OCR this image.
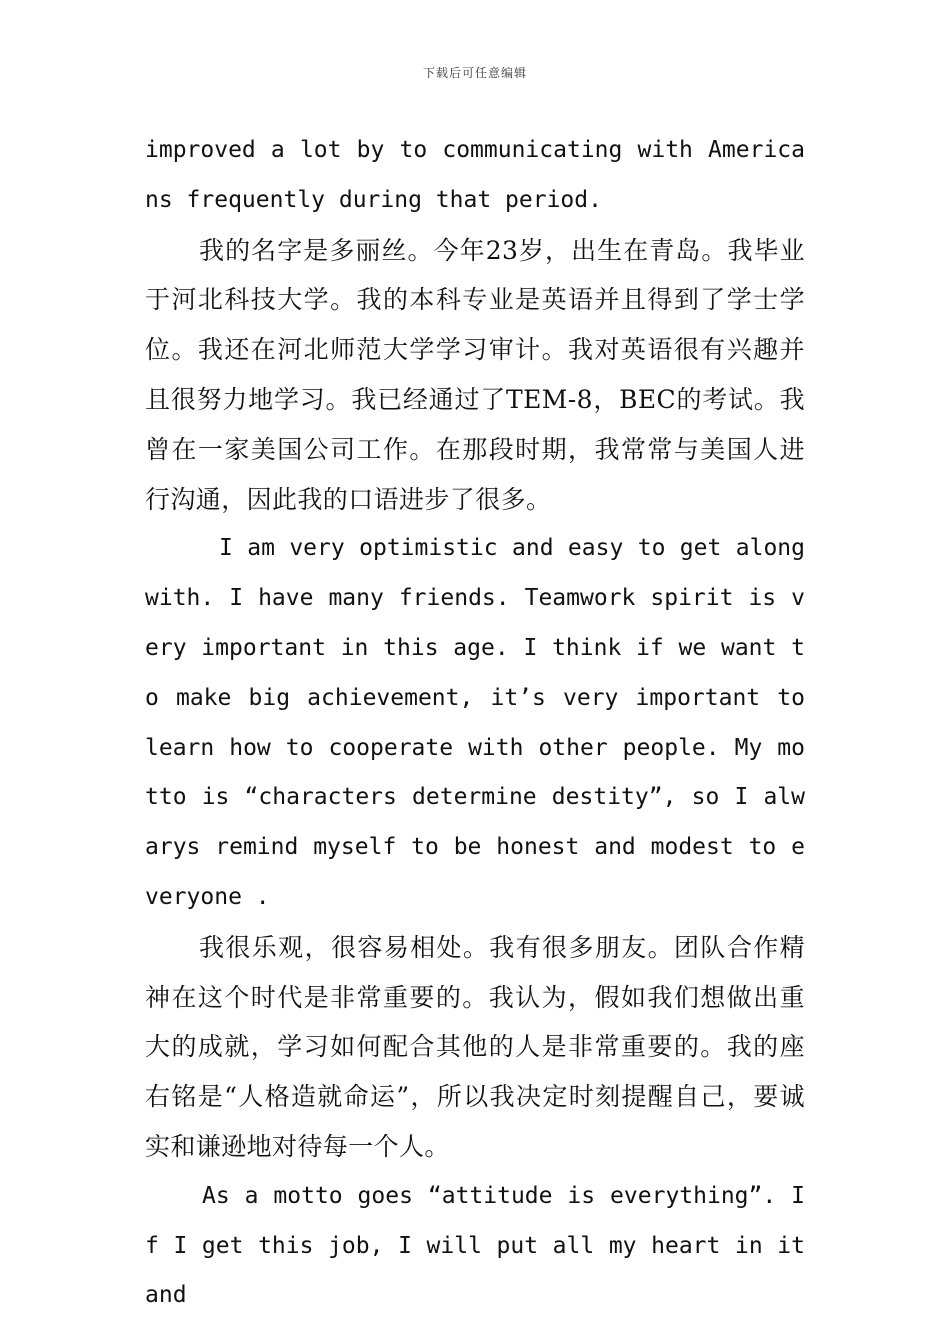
下载后可任意编辑

improved a lot by to communicating with Americans frequently during that period.

我的名字是多丽丝。今年23岁，出生在青岛。我毕业于河北科技大学。我的本科专业是英语并且得到了学士学位。我还在河北师范大学学习审计。我对英语很有兴趣并且很努力地学习。我已经通过了TEM-8，BEC的考试。我曾在一家美国公司工作。在那段时期，我常常与美国人进行沟通，因此我的口语进步了很多。

I am very optimistic and easy to get along with. I have many friends. Teamwork spirit is very important in this age. I think if we want to make big achievement, it’s very important to learn how to cooperate with other people. My motto is “characters determine destity”, so I alwarys remind myself to be honest and modest to everyone .

我很乐观，很容易相处。我有很多朋友。团队合作精神在这个时代是非常重要的。我认为，假如我们想做出重大的成就，学习如何配合其他的人是非常重要的。我的座右铭是“人格造就命运”，所以我决定时刻提醒自己，要诚实和谦逊地对待每一个人。

As a motto goes “attitude is everything”. If I get this job, I will put all my heart in it and
